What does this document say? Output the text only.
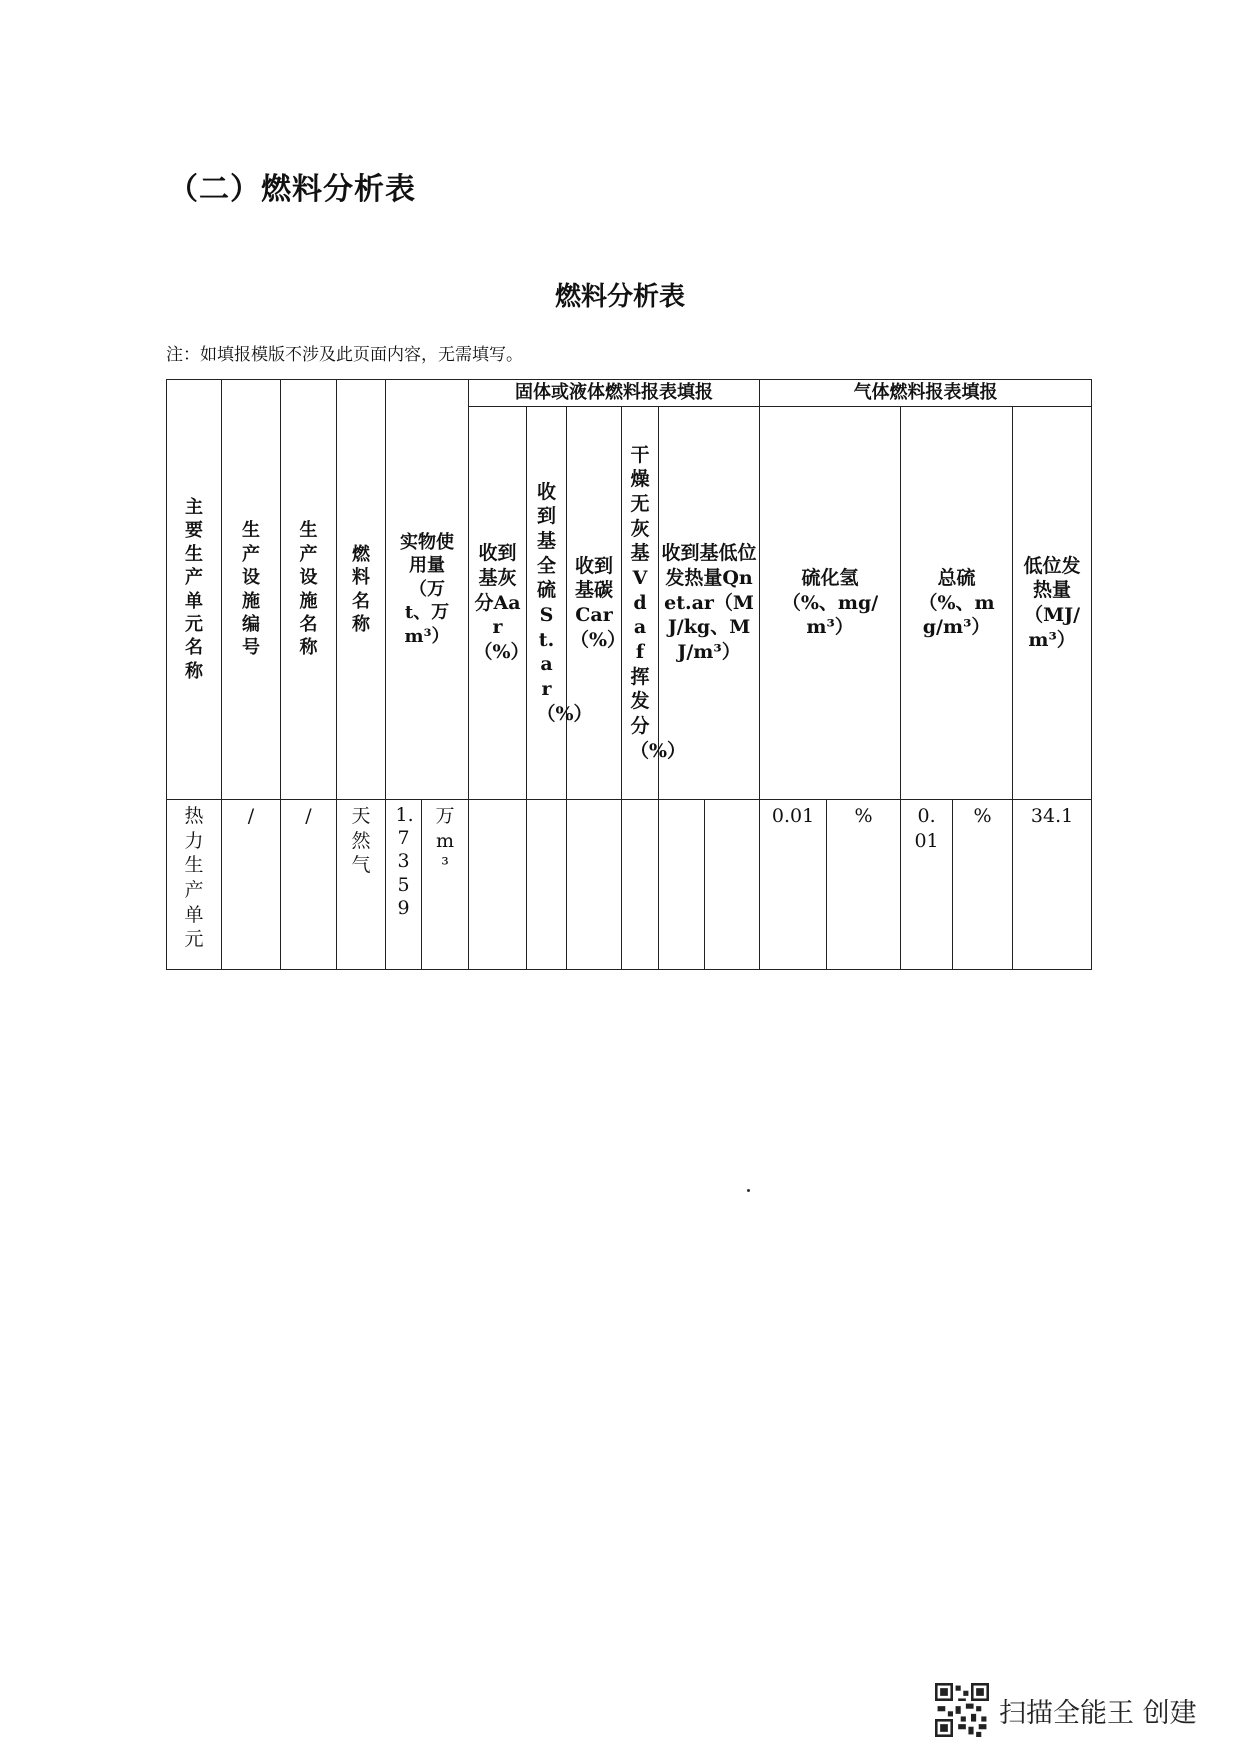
（二）燃料分析表
燃料分析表
注：如填报模版不涉及此页面内容，无需填写。
主要生产单元名称	生产设施编号	生产设施名称	燃料名称	实物使用量（万t、万m³）		固体或液体燃料报表填报						气体燃料报表填报				

						收到基灰分Aar（%）	收到基全硫St.ar（%）	收到基碳Car（%）	干燥无灰基Vdaf挥发分（%）	收到基低位发热量Qnet.ar（MJ/kg、MJ/m³）		硫化氢（%、mg/m³）		总硫（%、mg/m³）		低位发热量（MJ/m³）

热力生产单元	/	/	天然气	1.7359	万m³							0.01	%	0.01	%	34.1
扫描全能王 创建
